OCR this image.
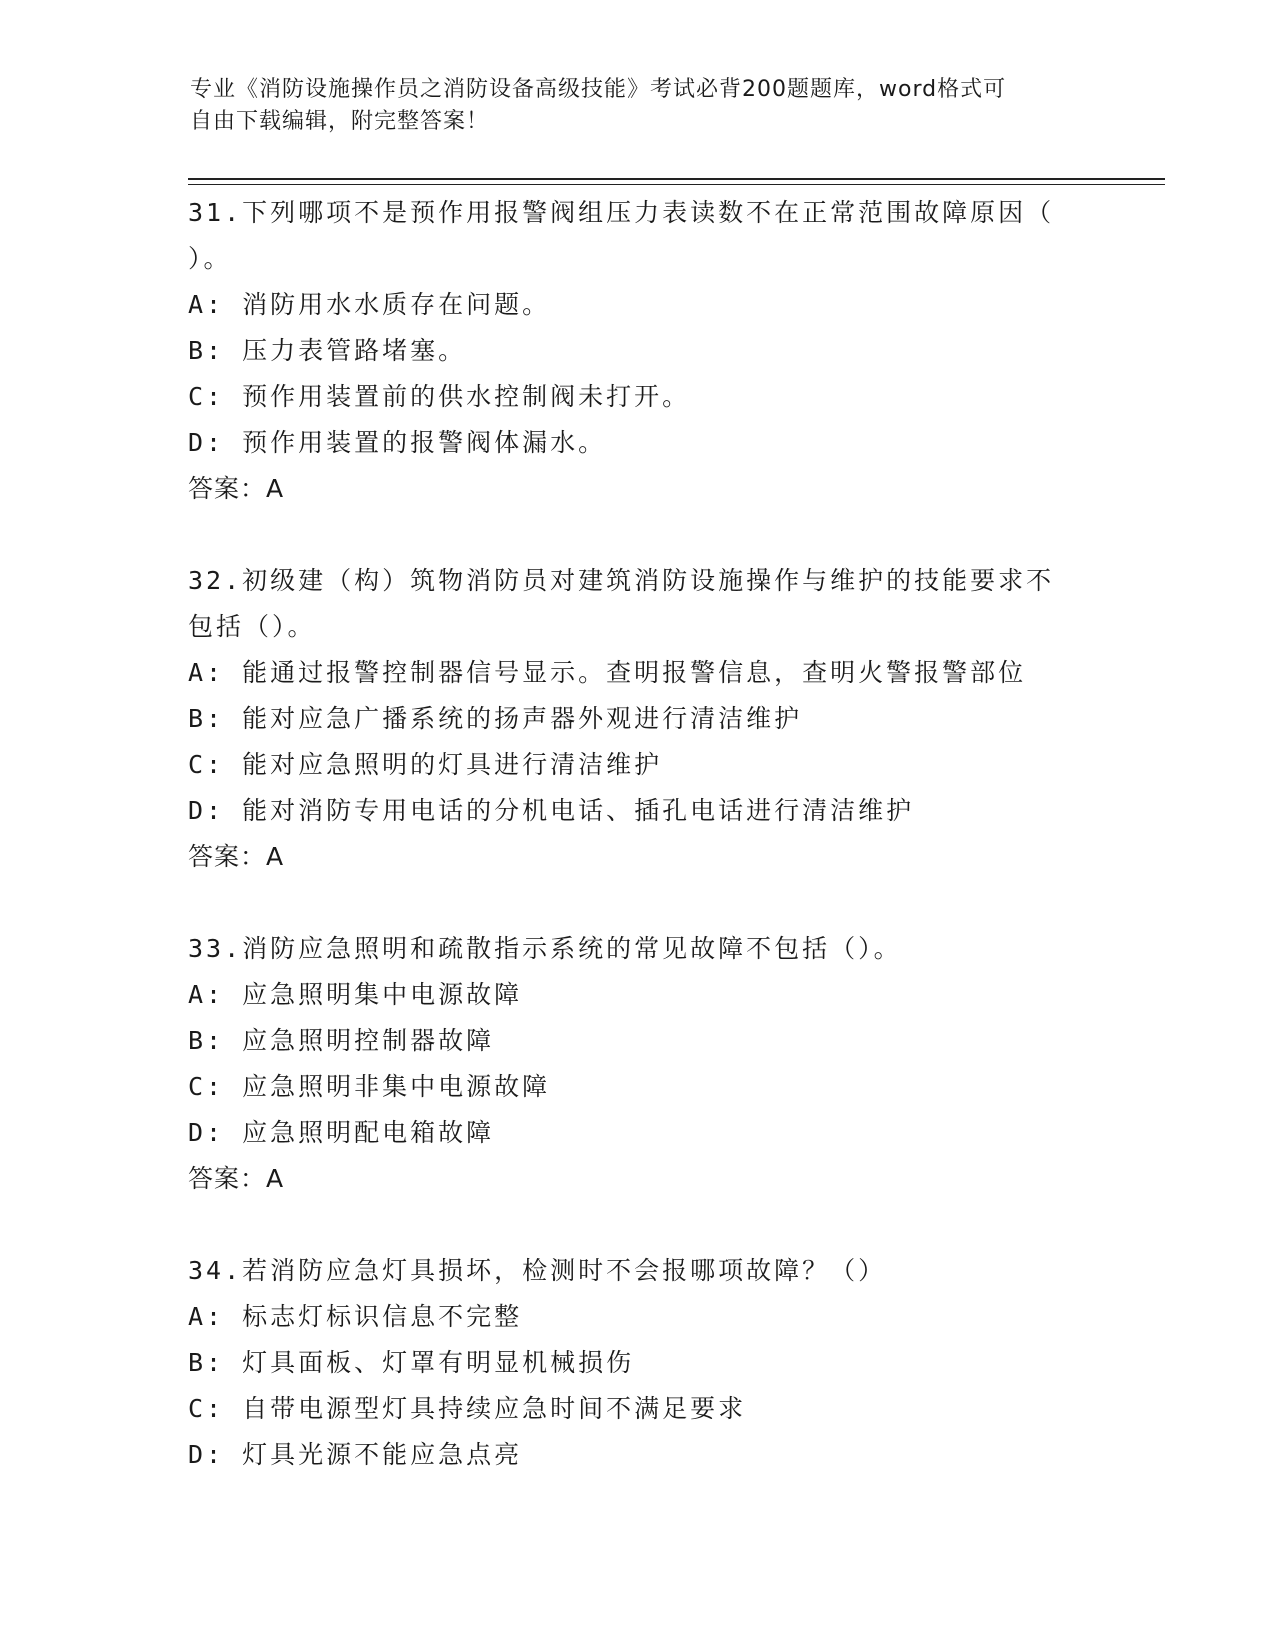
专业《消防设施操作员之消防设备高级技能》考试必背200题题库，word格式可
自由下载编辑，附完整答案！

31.下列哪项不是预作用报警阀组压力表读数不在正常范围故障原因（

）。

A: 消防用水水质存在问题。

B: 压力表管路堵塞。

C: 预作用装置前的供水控制阀未打开。

D: 预作用装置的报警阀体漏水。

答案：A

32.初级建（构）筑物消防员对建筑消防设施操作与维护的技能要求不

包括（）。

A: 能通过报警控制器信号显示。查明报警信息，查明火警报警部位

B: 能对应急广播系统的扬声器外观进行清洁维护

C: 能对应急照明的灯具进行清洁维护

D: 能对消防专用电话的分机电话、插孔电话进行清洁维护

答案：A

33.消防应急照明和疏散指示系统的常见故障不包括（）。

A: 应急照明集中电源故障

B: 应急照明控制器故障

C: 应急照明非集中电源故障

D: 应急照明配电箱故障

答案：A

34.若消防应急灯具损坏，检测时不会报哪项故障？（）

A: 标志灯标识信息不完整

B: 灯具面板、灯罩有明显机械损伤

C: 自带电源型灯具持续应急时间不满足要求

D: 灯具光源不能应急点亮
